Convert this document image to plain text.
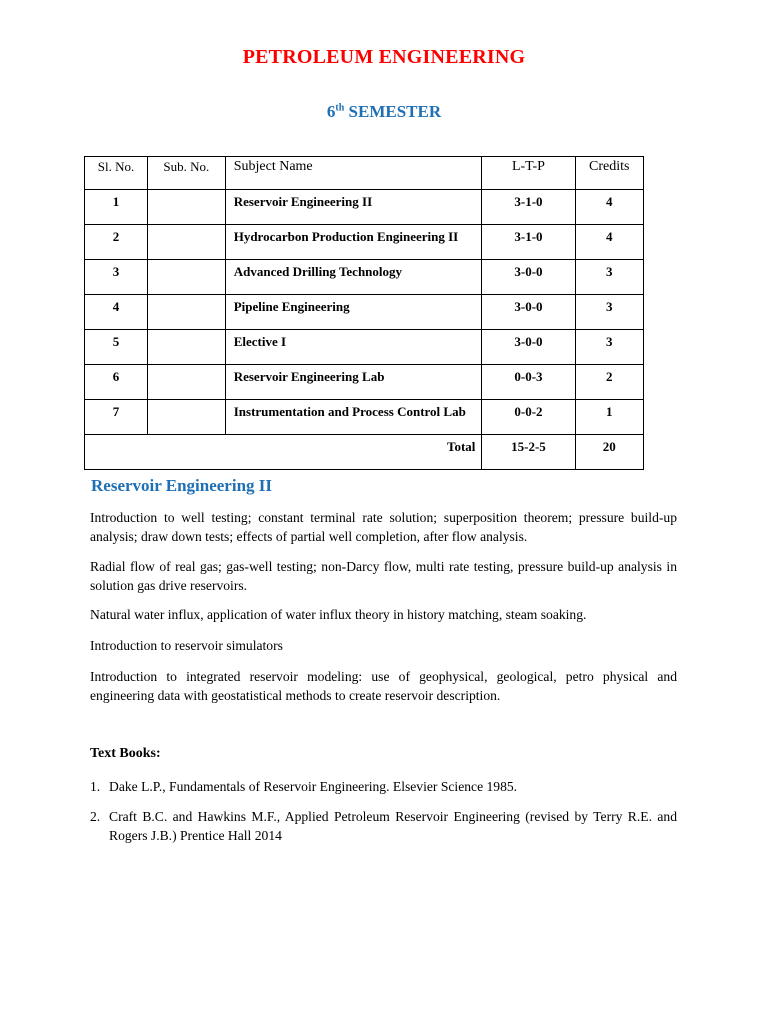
PETROLEUM ENGINEERING
6th SEMESTER
Sl. No.	Sub. No.	Subject Name	L-T-P	Credits
1		Reservoir Engineering II	3-1-0	4
2		Hydrocarbon Production Engineering II	3-1-0	4
3		Advanced Drilling Technology	3-0-0	3
4		Pipeline Engineering	3-0-0	3
5		Elective I	3-0-0	3
6		Reservoir Engineering Lab	0-0-3	2
7		Instrumentation and Process Control Lab	0-0-2	1
Total			15-2-5	20
Reservoir Engineering II

Introduction to well testing; constant terminal rate solution; superposition theorem; pressure build-up analysis; draw down tests; effects of partial well completion, after flow analysis.

Radial flow of real gas; gas-well testing; non-Darcy flow, multi rate testing, pressure build-up analysis in solution gas drive reservoirs.

Natural water influx, application of water influx theory in history matching, steam soaking.

Introduction to reservoir simulators

Introduction to integrated reservoir modeling: use of geophysical, geological, petro physical and engineering data with geostatistical methods to create reservoir description.

Text Books:
1. Dake L.P., Fundamentals of Reservoir Engineering. Elsevier Science 1985.
2. Craft B.C. and Hawkins M.F., Applied Petroleum Reservoir Engineering (revised by Terry R.E. and Rogers J.B.) Prentice Hall 2014
